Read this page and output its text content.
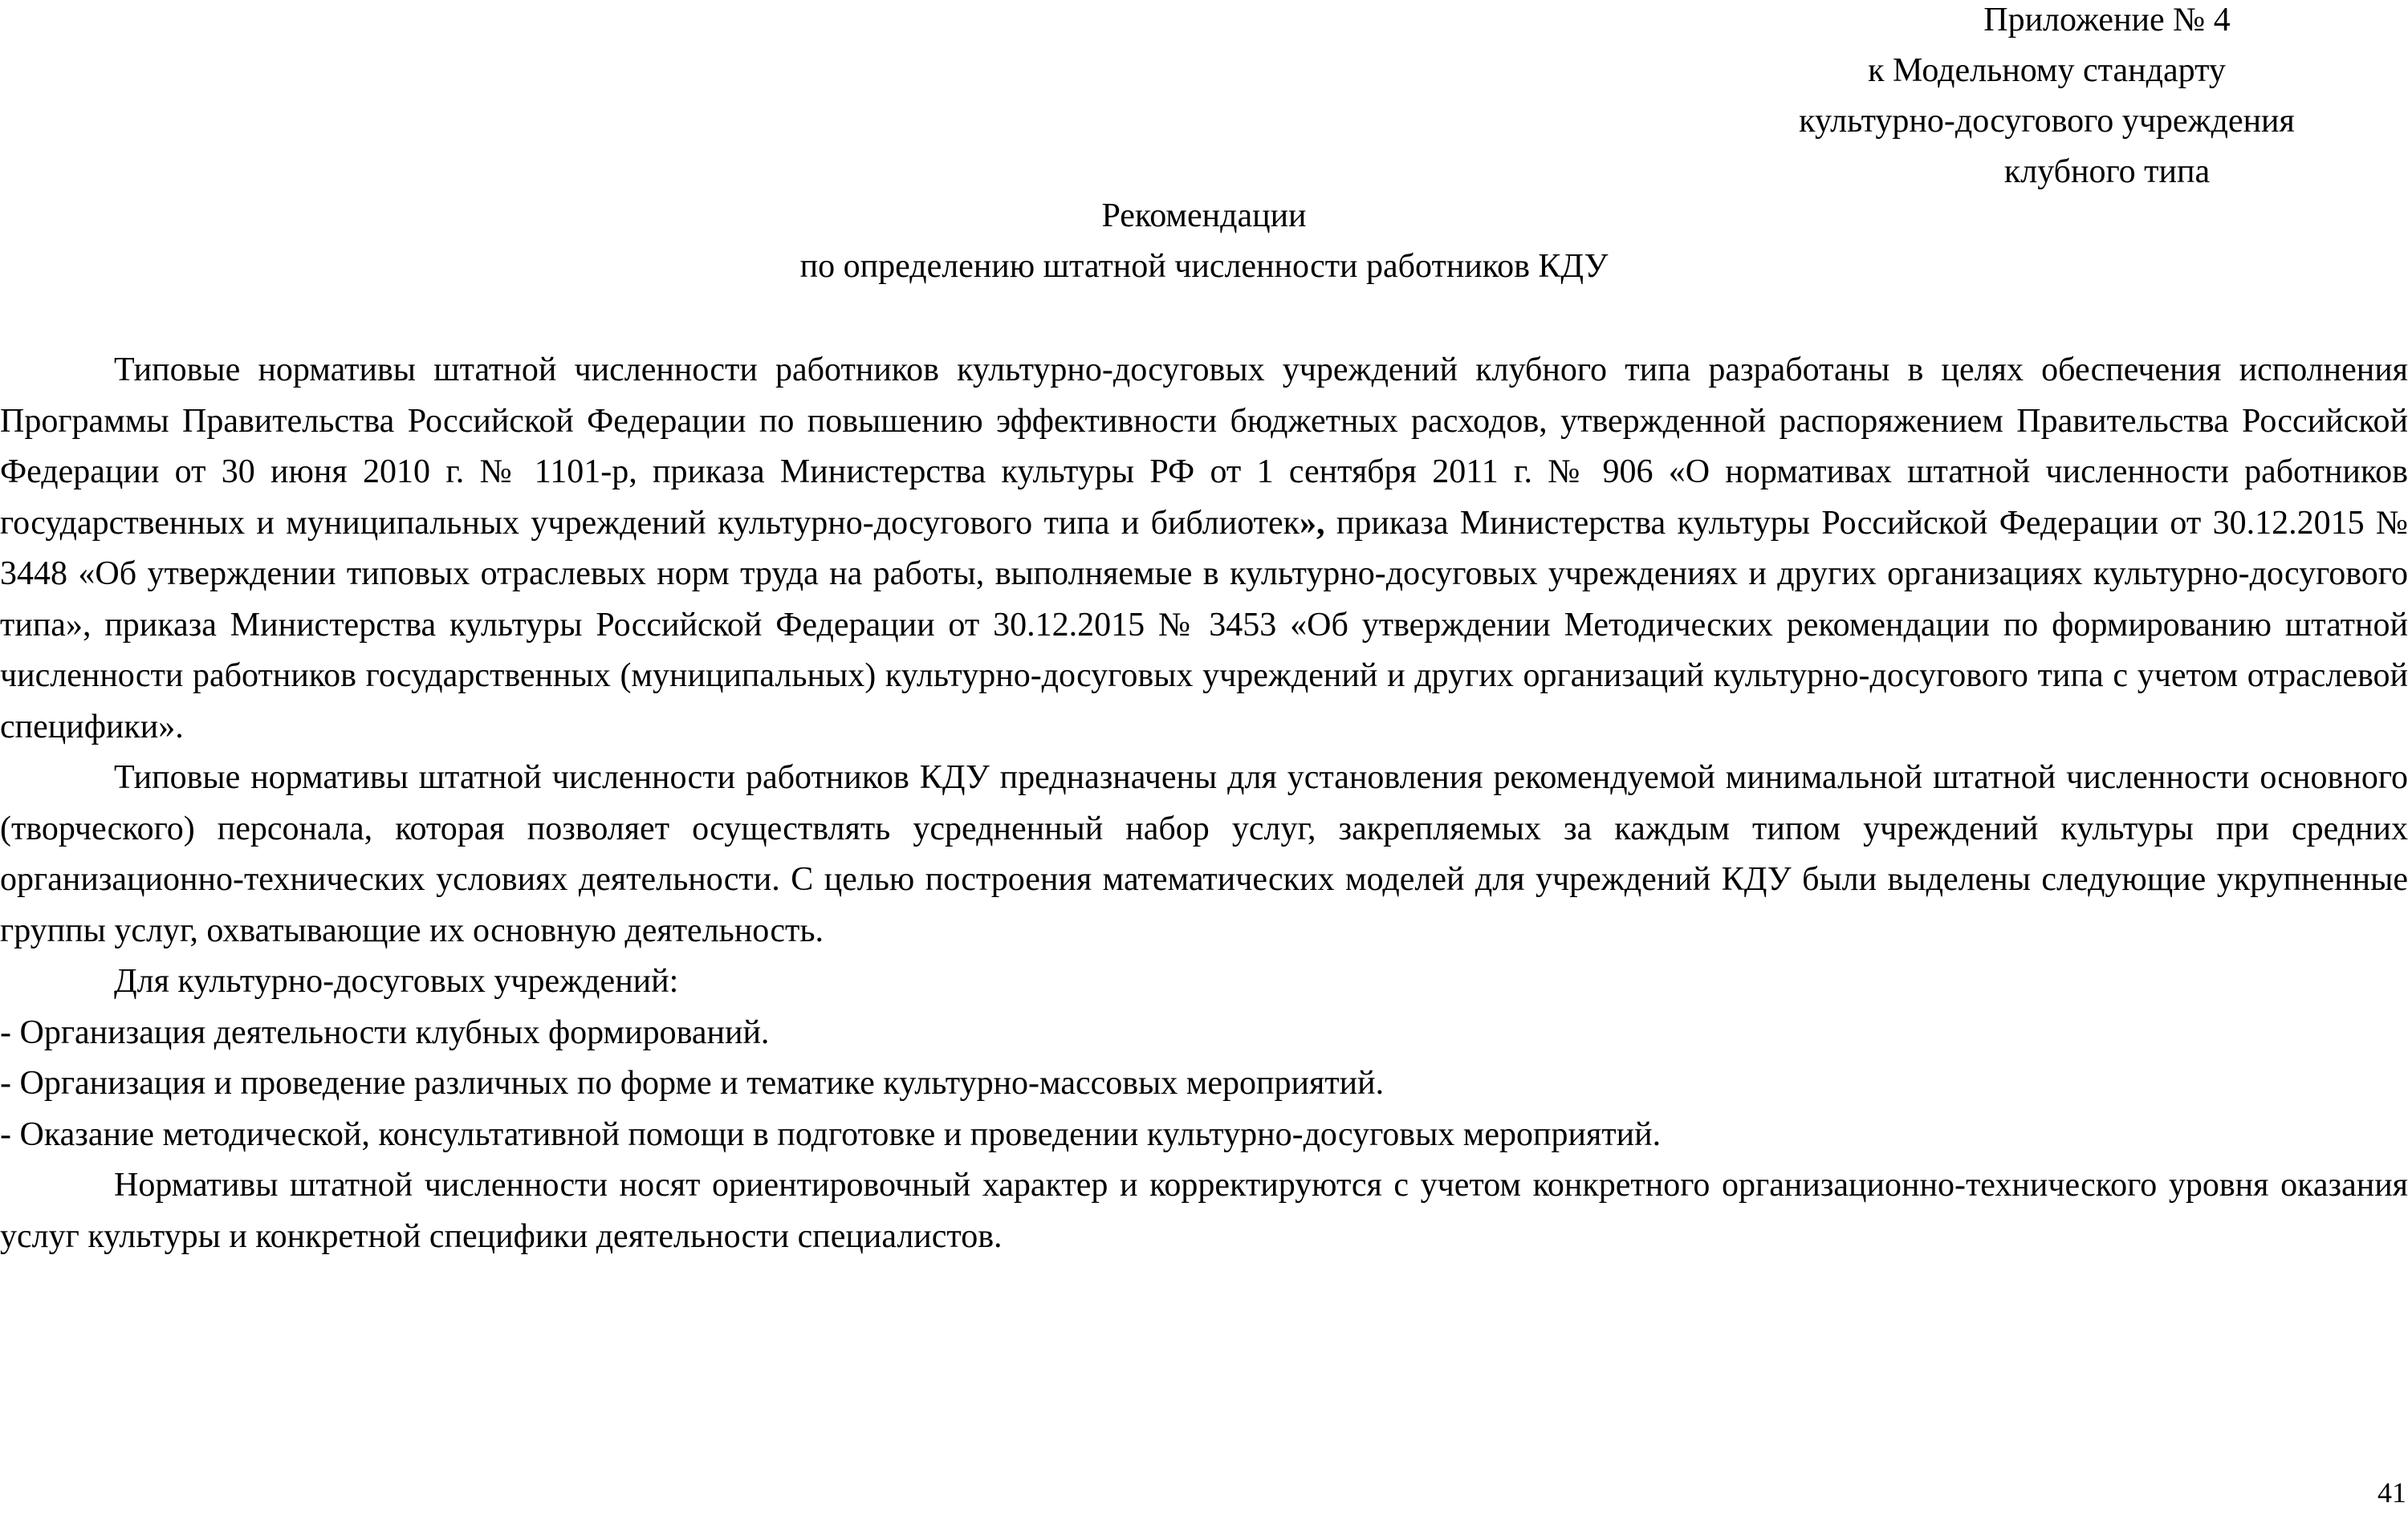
Приложение № 4
к Модельному стандарту
культурно-досугового учреждения
клубного типа
Рекомендации
по определению штатной численности работников КДУ

Типовые нормативы штатной численности работников культурно-досуговых учреждений клубного типа разработаны в целях обеспечения исполнения Программы Правительства Российской Федерации по повышению эффективности бюджетных расходов, утвержденной распоряжением Правительства Российской Федерации от 30 июня 2010 г. № 1101-р, приказа Министерства культуры РФ от 1 сентября 2011 г. № 906 «О нормативах штатной численности работников государственных и муниципальных учреждений культурно-досугового типа и библиотек», приказа Министерства культуры Российской Федерации от 30.12.2015 № 3448 «Об утверждении типовых отраслевых норм труда на работы, выполняемые в культурно-досуговых учреждениях и других организациях культурно-досугового типа», приказа Министерства культуры Российской Федерации от 30.12.2015 № 3453 «Об утверждении Методических рекомендации по формированию штатной численности работников государственных (муниципальных) культурно-досуговых учреждений и других организаций культурно-досугового типа с учетом отраслевой специфики».

Типовые нормативы штатной численности работников КДУ предназначены для установления рекомендуемой минимальной штатной численности основного (творческого) персонала, которая позволяет осуществлять усредненный набор услуг, закрепляемых за каждым типом учреждений культуры при средних организационно-технических условиях деятельности. С целью построения математических моделей для учреждений КДУ были выделены следующие укрупненные группы услуг, охватывающие их основную деятельность.

Для культурно-досуговых учреждений:

- Организация деятельности клубных формирований.

- Организация и проведение различных по форме и тематике культурно-массовых мероприятий.

- Оказание методической, консультативной помощи в подготовке и проведении культурно-досуговых мероприятий.

Нормативы штатной численности носят ориентировочный характер и корректируются с учетом конкретного организационно-технического уровня оказания услуг культуры и конкретной специфики деятельности специалистов.

41
